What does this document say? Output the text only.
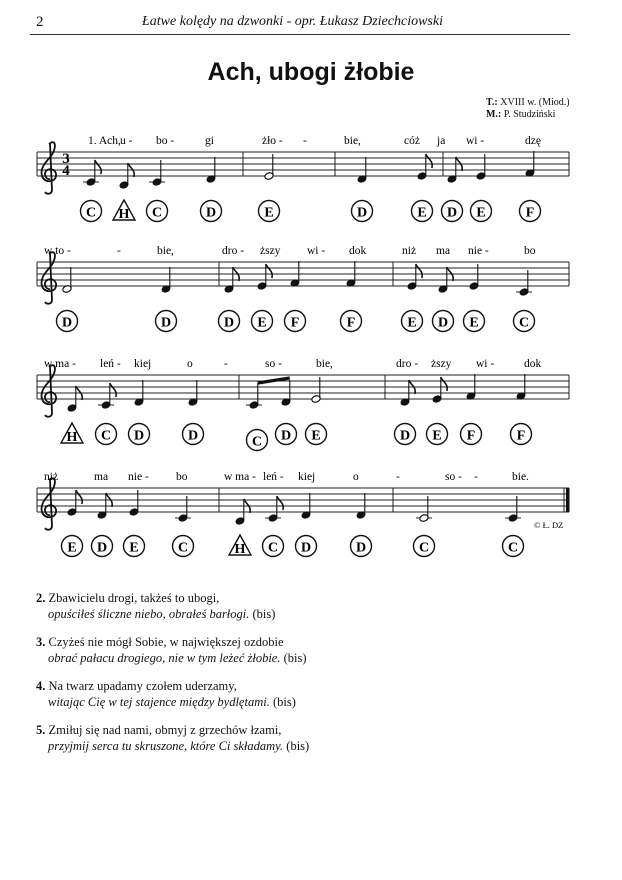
2	Łatwe kolędy na dzwonki - opr. Łukasz Dziechciowski
Ach, ubogi żłobie
T.: XVIII w. (Miod.)
M.: P. Studziński
3
4
1. Ach, u - bo -	gi	żło - -	bie,	cóż ja wi -	dzę
C H C	D	E	D	E D E	F
w to -	-	bie,	dro - ższy wi - dok	niż ma nie -	bo
D	D	D E F	F	E D E	C
w ma - leń - kiej	o	-	so -	bie,	dro - ższy wi -	dok
H C D	D	C D E	D E F	F
© Ł. DZ
niż	ma nie - bo	w ma - leń - kiej	o	-	so - -	bie.
E D E	C	H C D	D	C	C
2. Zbawicielu drogi, takżeś to ubogi,
opuściłeś śliczne niebo, obrałeś barłogi. (bis)
3. Czyżeś nie mógł Sobie, w największej ozdobie
obrać pałacu drogiego, nie w tym leżeć żłobie. (bis)
4. Na twarz upadamy czołem uderzamy,
witając Cię w tej stajence między bydlętami. (bis)
5. Zmiłuj się nad nami, obmyj z grzechów łzami,
przyjmij serca tu skruszone, które Ci składamy. (bis)
